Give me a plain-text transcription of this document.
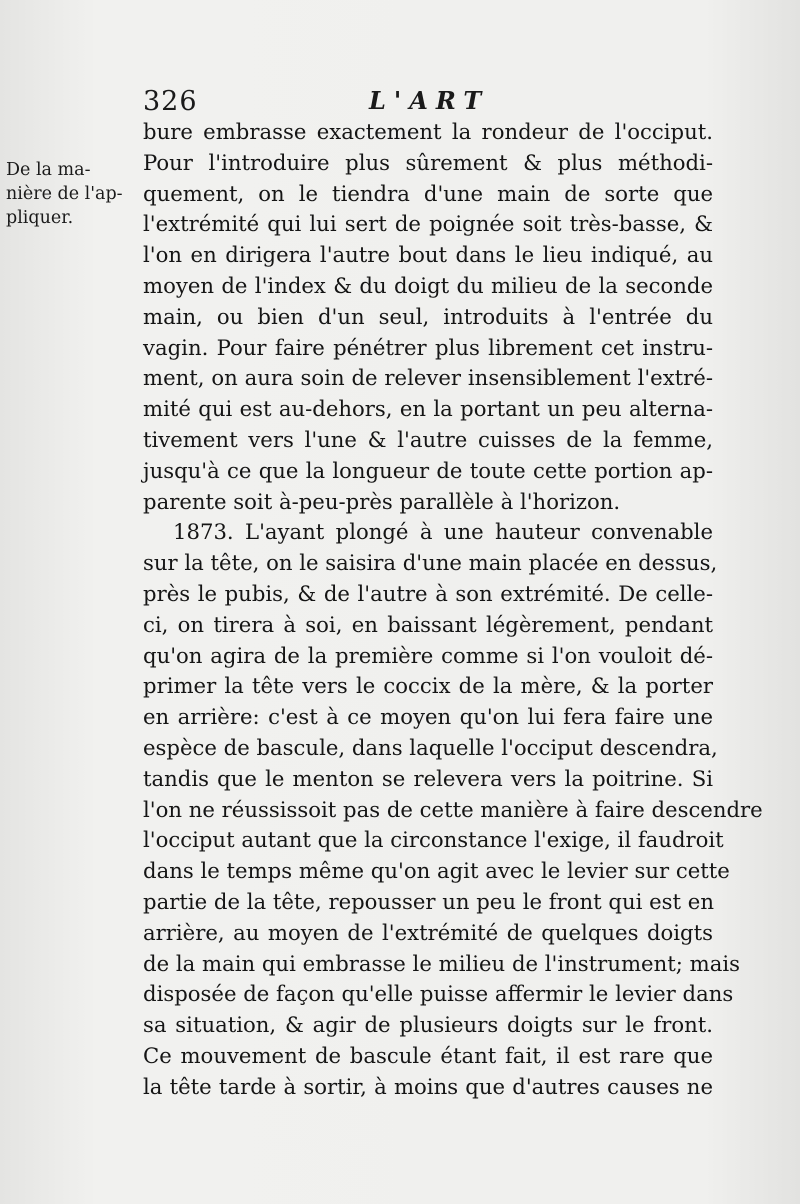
326	L'ART
De la ma-
nière de l'ap-
pliquer.
bure embrasse exactement la rondeur de l'occiput.
Pour l'introduire plus sûrement & plus méthodi-
quement, on le tiendra d'une main de sorte que
l'extrémité qui lui sert de poignée soit très-basse, &
l'on en dirigera l'autre bout dans le lieu indiqué, au
moyen de l'index & du doigt du milieu de la seconde
main, ou bien d'un seul, introduits à l'entrée du
vagin. Pour faire pénétrer plus librement cet instru-
ment, on aura soin de relever insensiblement l'extré-
mité qui est au-dehors, en la portant un peu alterna-
tivement vers l'une & l'autre cuisses de la femme,
jusqu'à ce que la longueur de toute cette portion ap-
parente soit à-peu-près parallèle à l'horizon.
1873. L'ayant plongé à une hauteur convenable
sur la tête, on le saisira d'une main placée en dessus,
près le pubis, & de l'autre à son extrémité. De celle-
ci, on tirera à soi, en baissant légèrement, pendant
qu'on agira de la première comme si l'on vouloit dé-
primer la tête vers le coccix de la mère, & la porter
en arrière: c'est à ce moyen qu'on lui fera faire une
espèce de bascule, dans laquelle l'occiput descendra,
tandis que le menton se relevera vers la poitrine. Si
l'on ne réussissoit pas de cette manière à faire descendre
l'occiput autant que la circonstance l'exige, il faudroit
dans le temps même qu'on agit avec le levier sur cette
partie de la tête, repousser un peu le front qui est en
arrière, au moyen de l'extrémité de quelques doigts
de la main qui embrasse le milieu de l'instrument; mais
disposée de façon qu'elle puisse affermir le levier dans
sa situation, & agir de plusieurs doigts sur le front.
Ce mouvement de bascule étant fait, il est rare que
la tête tarde à sortir, à moins que d'autres causes ne
